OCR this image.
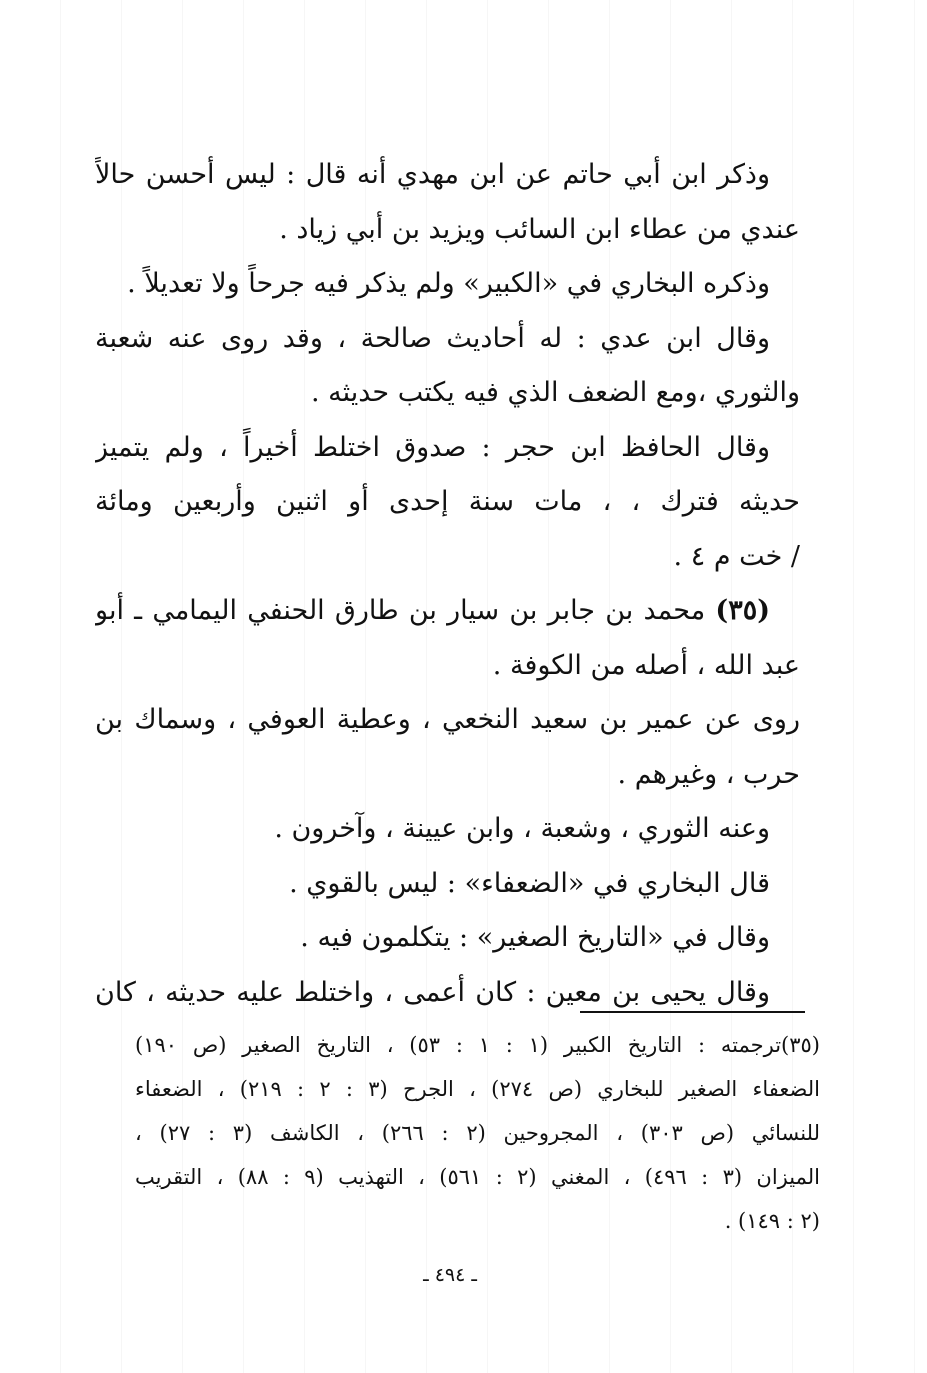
وذكر ابن أبي حاتم عن ابن مهدي أنه قال : ليس أحسن حالاً
عندي من عطاء ابن السائب ويزيد بن أبي زياد .
وذكره البخاري في «الكبير» ولم يذكر فيه جرحاً ولا تعديلاً .
وقال ابن عدي : له أحاديث صالحة ، وقد روى عنه شعبة
والثوري ،ومع الضعف الذي فيه يكتب حديثه .
وقال الحافظ ابن حجر : صدوق اختلط أخيراً ، ولم يتميز
حديثه فترك ، ، مات سنة إحدى أو اثنين وأربعين ومائة
/ خت م ٤ .
(٣٥) محمد بن جابر بن سيار بن طارق الحنفي اليمامي ـ أبو
عبد الله ، أصله من الكوفة .
روى عن عمير بن سعيد النخعي ، وعطية العوفي ، وسماك بن
حرب ، وغيرهم .
وعنه الثوري ، وشعبة ، وابن عيينة ، وآخرون .
قال البخاري في «الضعفاء» : ليس بالقوي .
وقال في «التاريخ الصغير» : يتكلمون فيه .
وقال يحيى بن معين : كان أعمى ، واختلط عليه حديثه ، كان
(٣٥)ترجمته : التاريخ الكبير (١ : ١ : ٥٣) ، التاريخ الصغير (ص ١٩٠)
الضعفاء الصغير للبخاري (ص ٢٧٤) ، الجرح (٣ : ٢ : ٢١٩) ، الضعفاء
للنسائي (ص ٣٠٣) ، المجروحين (٢ : ٢٦٦) ، الكاشف (٣ : ٢٧) ،
الميزان (٣ : ٤٩٦) ، المغني (٢ : ٥٦١) ، التهذيب (٩ : ٨٨) ، التقريب
(٢ : ١٤٩) .
ـ ٤٩٤ ـ
